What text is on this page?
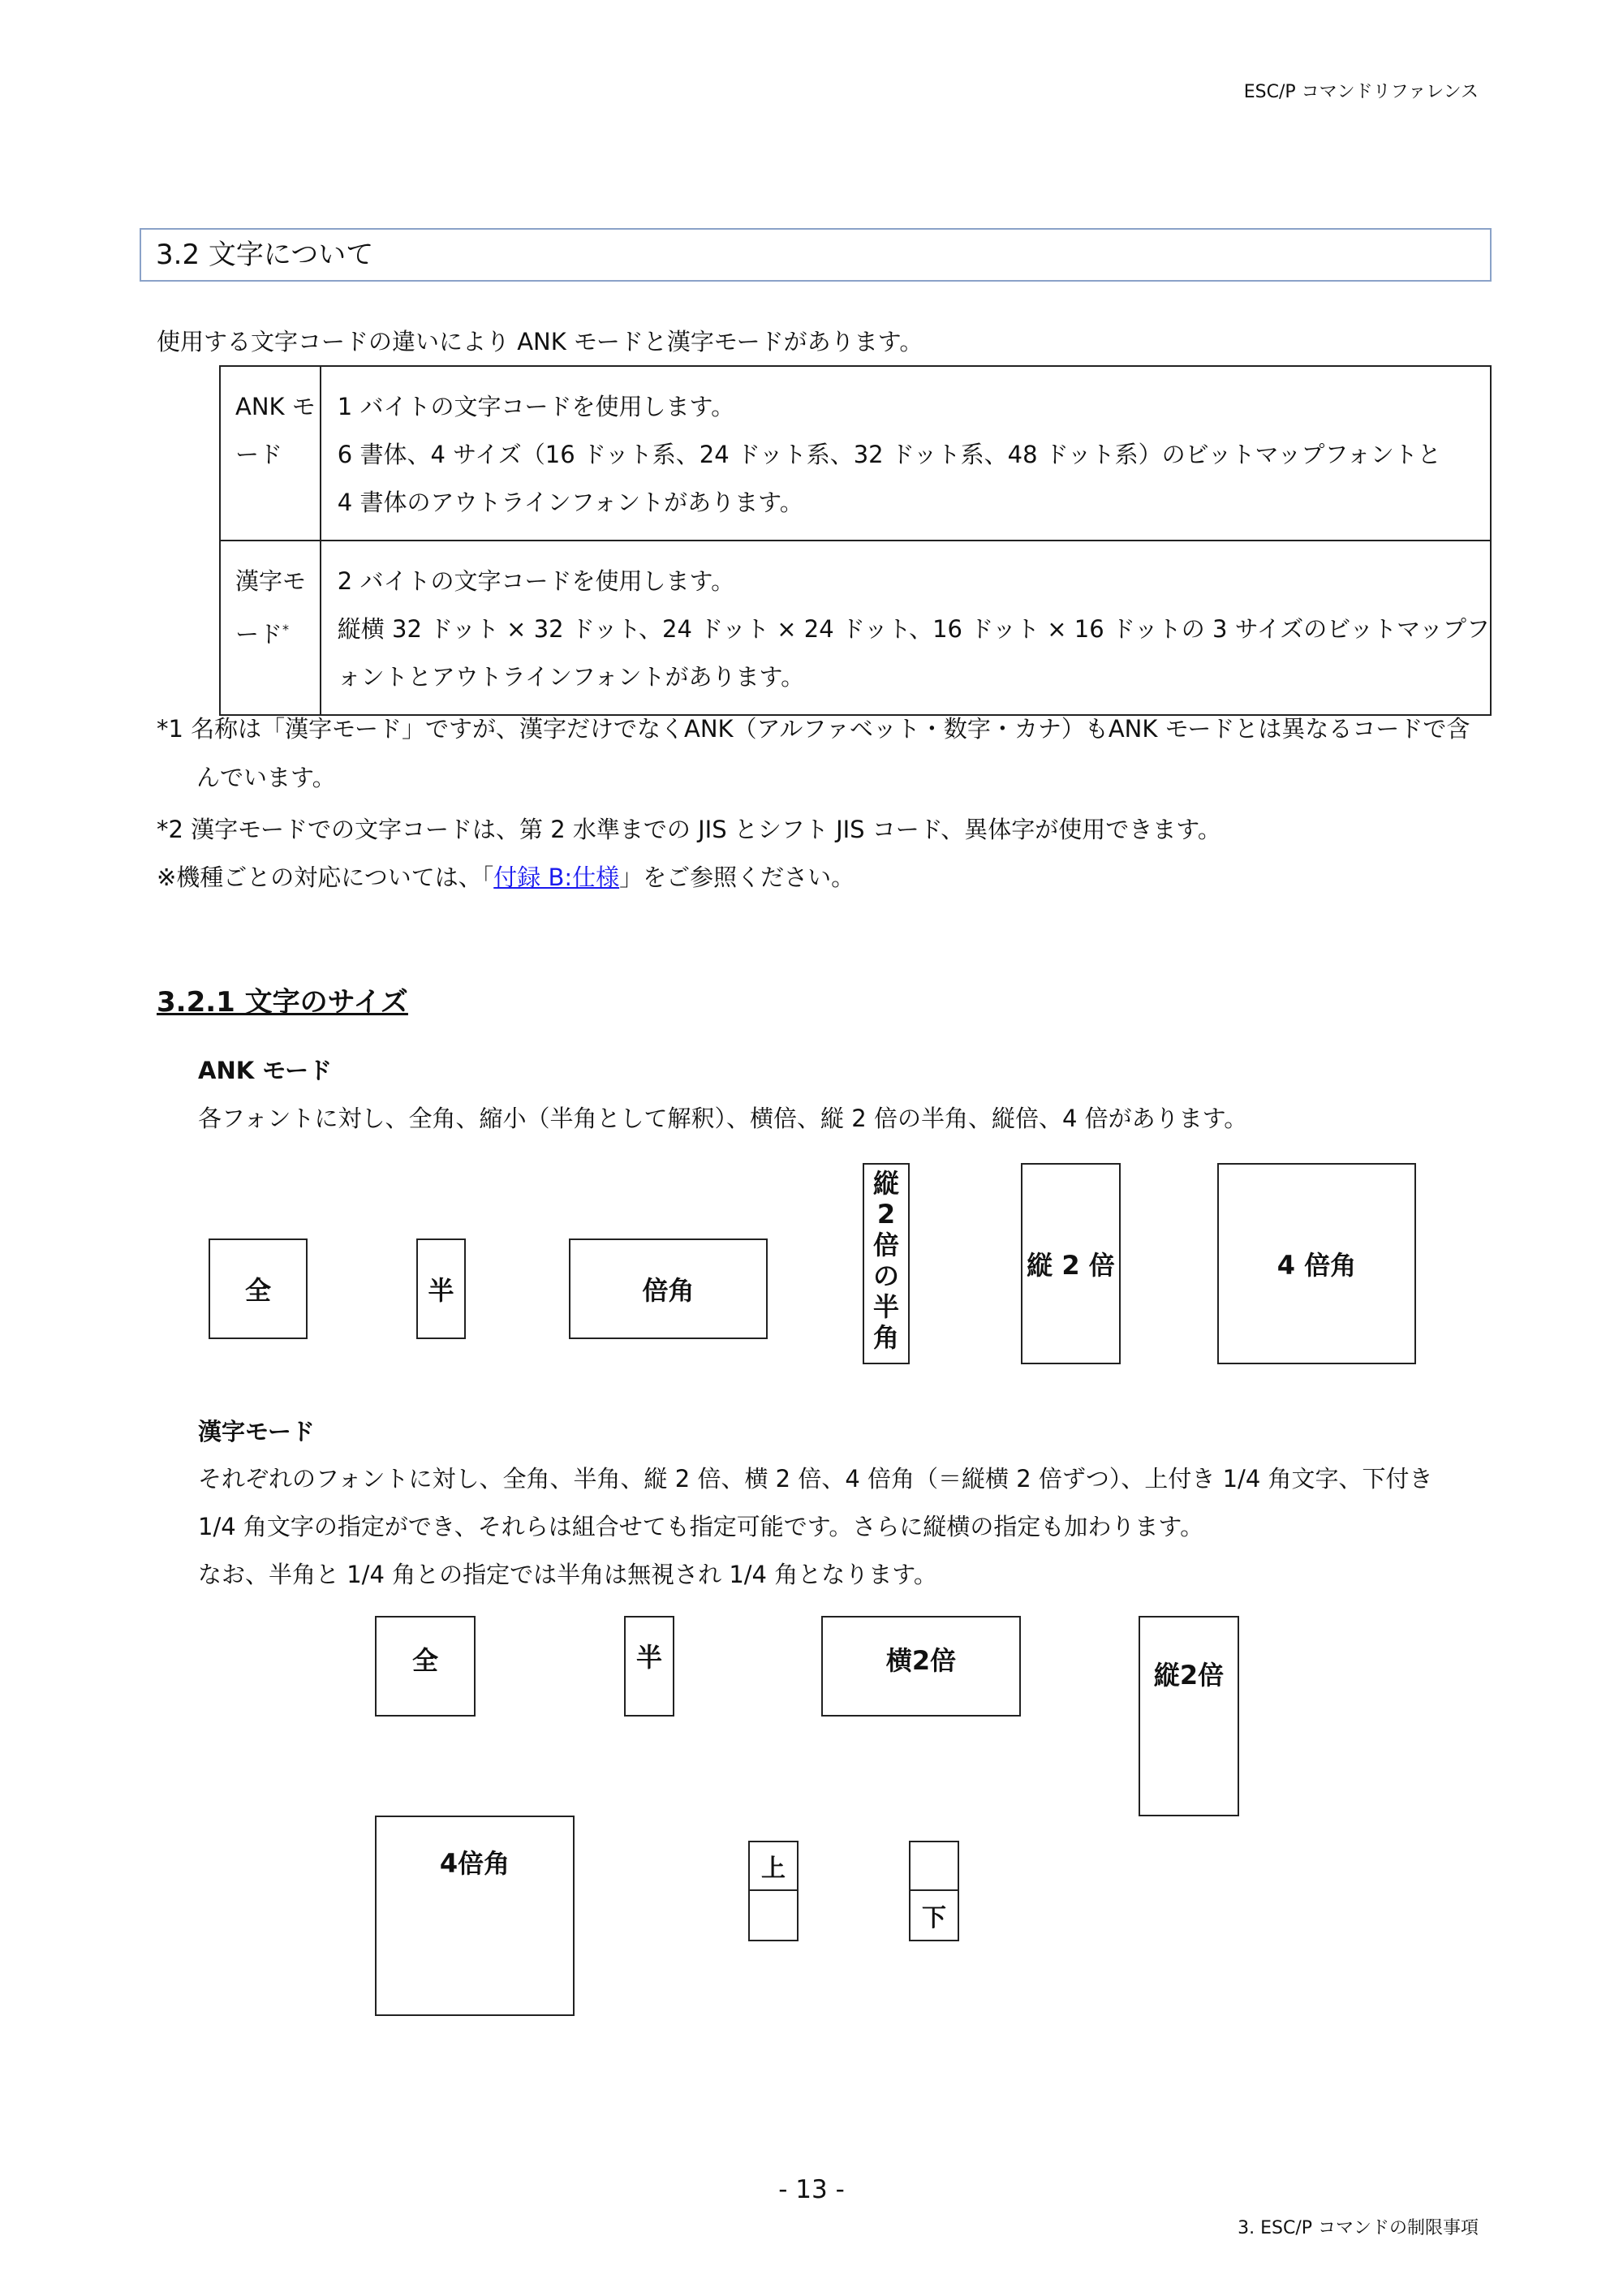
ESC/P コマンドリファレンス
3.2 文字について
使用する文字コードの違いにより ANK モードと漢字モードがあります。
ANK モード	1 バイトの文字コードを使用します。
6 書体、4 サイズ（16 ドット系、24 ドット系、32 ドット系、48 ドット系）のビットマップフォントと
4 書体のアウトラインフォントがあります。

漢字モード*	2 バイトの文字コードを使用します。
縦横 32 ドット × 32 ドット、24 ドット × 24 ドット、16 ドット × 16 ドットの 3 サイズのビットマップフ
ォントとアウトラインフォントがあります。
*1 名称は「漢字モード」ですが、漢字だけでなくANK（アルファベット・数字・カナ）もANK モードとは異なるコードで含
んでいます。
*2 漢字モードでの文字コードは、第 2 水準までの JIS とシフト JIS コード、異体字が使用できます。
※機種ごとの対応については、「付録 B:仕様」をご参照ください。
3.2.1 文字のサイズ
ANK モード
各フォントに対し、全角、縮小（半角として解釈）、横倍、縦 2 倍の半角、縦倍、4 倍があります。
全	半	倍角
縦
2
倍
の
半
角
縦 2 倍	4 倍角
漢字モード
それぞれのフォントに対し、全角、半角、縦 2 倍、横 2 倍、4 倍角（＝縦横 2 倍ずつ）、上付き 1/4 角文字、下付き
1/4 角文字の指定ができ、それらは組合せても指定可能です。さらに縦横の指定も加わります。
なお、半角と 1/4 角との指定では半角は無視され 1/4 角となります。
全	半	横2倍	縦2倍
4倍角	上
下
- 13 -
3. ESC/P コマンドの制限事項
